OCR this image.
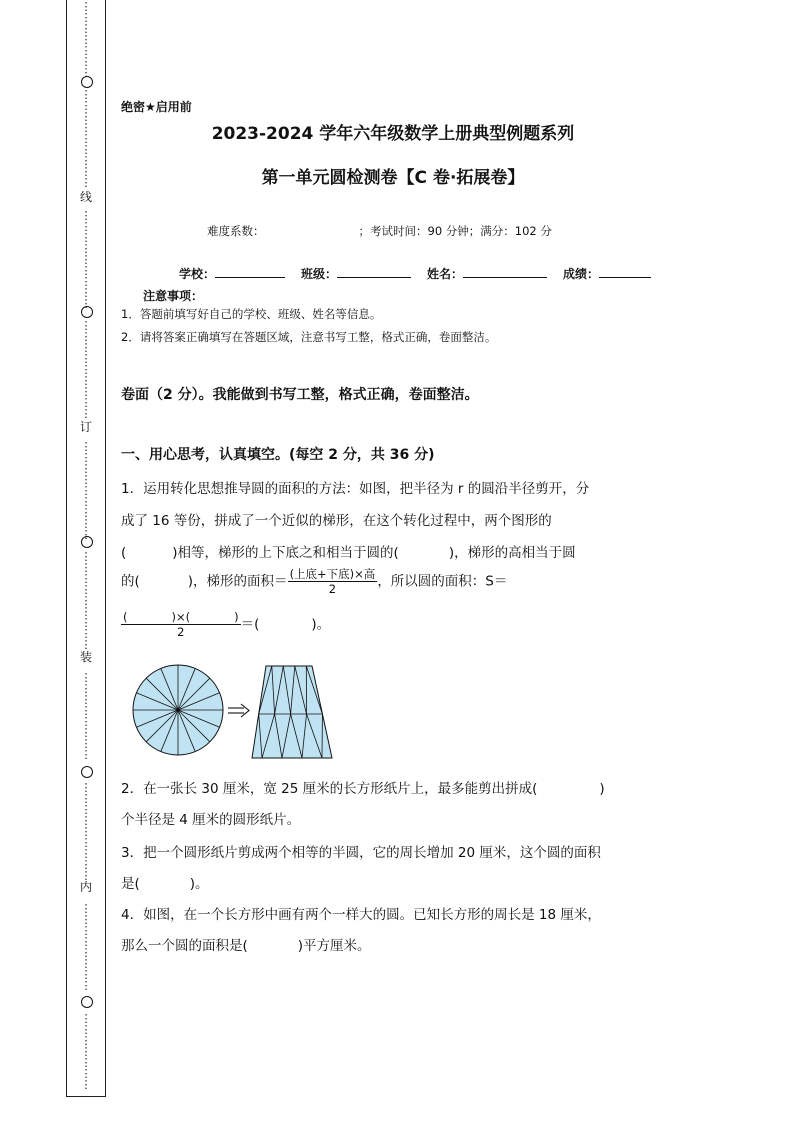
⋮
⋮
⋮
⋮
⋮
⋮
⋮
⋮
⋮
⋮
⋮
⋮
⋮
⋮
⋮
⋮
⋮
⋮
⋮
⋮
⋮
⋮
⋮
⋮
⋮
⋮
⋮
⋮
⋮
⋮
⋮
⋮
⋮
⋮
⋮
⋮
⋮
⋮
⋮
⋮
⋮
⋮
⋮
⋮
⋮
⋮
⋮
⋮
⋮
⋮
⋮
⋮
⋮
⋮
⋮
⋮
⋮
⋮
⋮
⋮
⋮
⋮
⋮
⋮
⋮
⋮
⋮
⋮
⋮
⋮
⋮
⋮
⋮
⋮
⋮
⋮
⋮
⋮
⋮
⋮
⋮
⋮
⋮
⋮
线
订
装
内
绝密★启用前
2023-2024 学年六年级数学上册典型例题系列
第一单元圆检测卷【C 卷·拓展卷】
难度系数：	；考试时间：90 分钟；满分：102 分
学校：	班级：	姓名：	成绩：
注意事项：
1．答题前填写好自己的学校、班级、姓名等信息。
2．请将答案正确填写在答题区域，注意书写工整，格式正确，卷面整洁。
卷面（2 分）。我能做到书写工整，格式正确，卷面整洁。
一、用心思考，认真填空。(每空 2 分，共 36 分)
1．运用转化思想推导圆的面积的方法：如图，把半径为 r 的圆沿半径剪开，分
成了 16 等份，拼成了一个近似的梯形，在这个转化过程中，两个图形的
(	)相等，梯形的上下底之和相当于圆的(	)，梯形的高相当于圆
的(	)，梯形的面积＝ $\frac{\text{(上底+下底)×高}}{2}$ ，所以圆的面积：S＝
(	)×(	)
2 ＝(	)。
2．在一张长 30 厘米，宽 25 厘米的长方形纸片上，最多能剪出拼成(	)
个半径是 4 厘米的圆形纸片。
3．把一个圆形纸片剪成两个相等的半圆，它的周长增加 20 厘米，这个圆的面积
是(	)。
4．如图，在一个长方形中画有两个一样大的圆。已知长方形的周长是 18 厘米，
那么一个圆的面积是(	)平方厘米。
